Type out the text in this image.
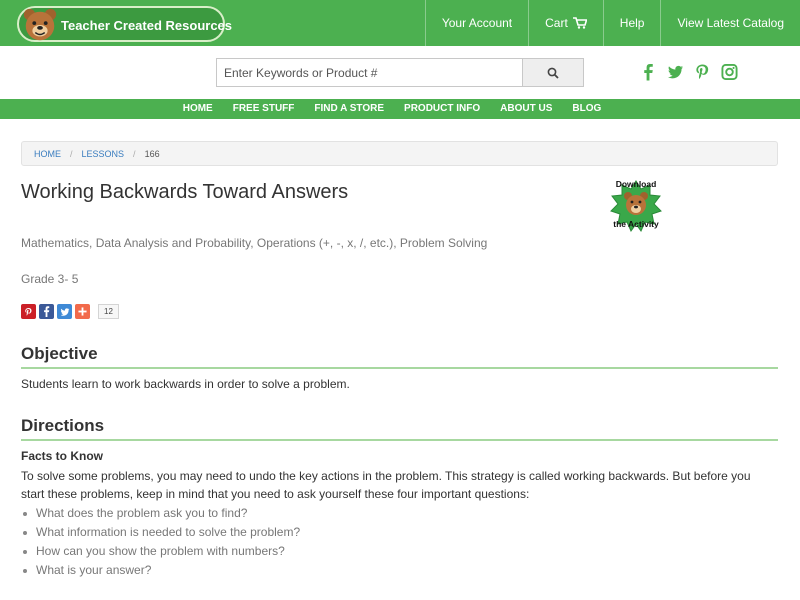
Teacher Created Resources	Your Account	Cart	Help	View Latest Catalog
Enter Keywords or Product #
HOME	FREE STUFF	FIND A STORE	PRODUCT INFO	ABOUT US	BLOG
HOME / LESSONS / 166
Working Backwards Toward Answers	Download
the Activity
Mathematics, Data Analysis and Probability, Operations (+, -, x, /, etc.), Problem Solving
Grade 3- 5
12
Objective

Students learn to work backwards in order to solve a problem.

Directions
Facts to Know

To solve some problems, you may need to undo the key actions in the problem. This strategy is called working backwards. But before you start these problems, keep in mind that you need to ask yourself these four important questions:

What does the problem ask you to find?
What information is needed to solve the problem?
How can you show the problem with numbers?
What is your answer?
